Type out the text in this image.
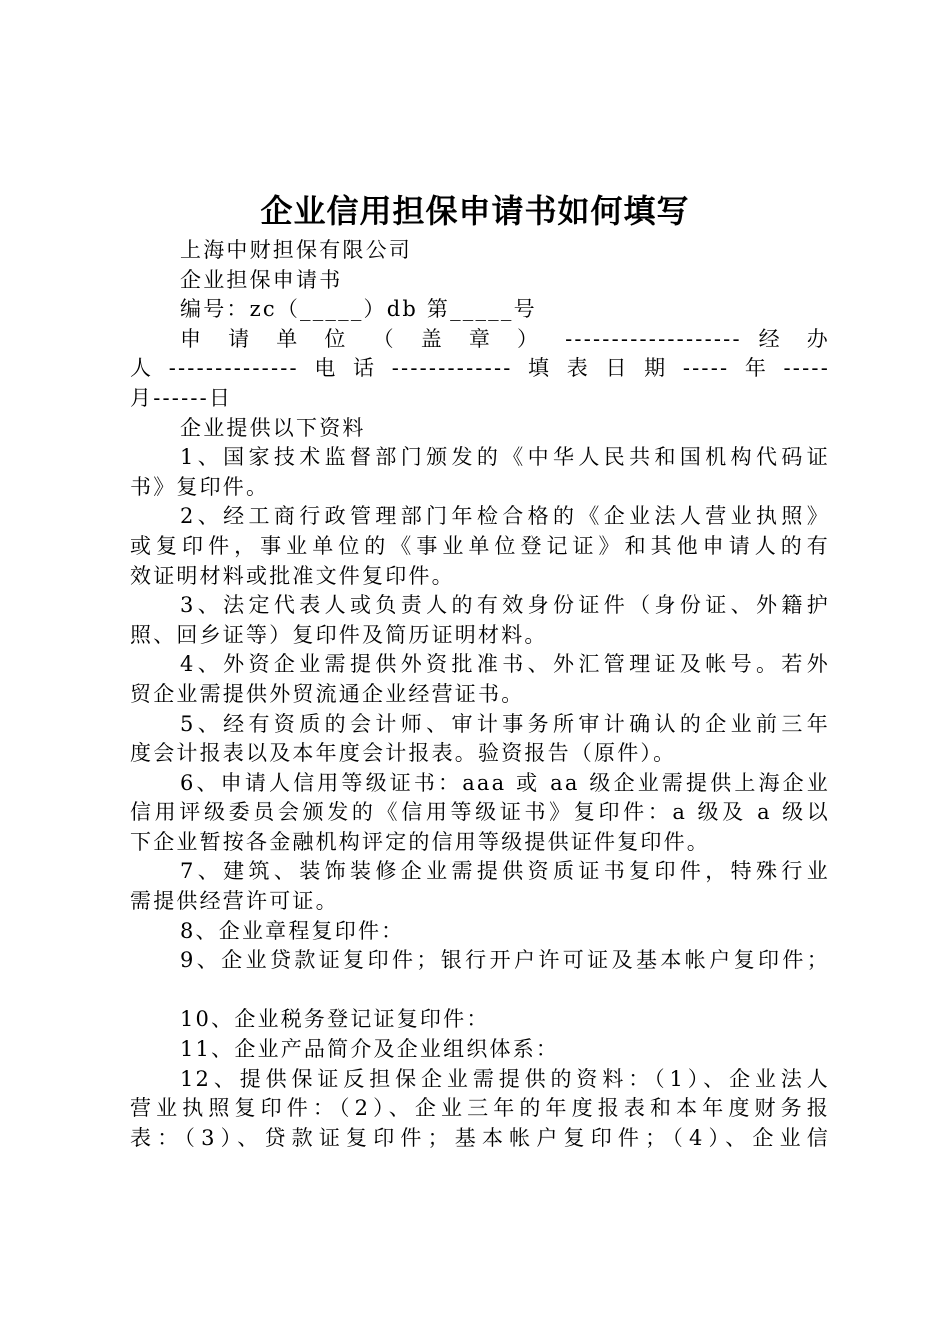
企业信用担保申请书如何填写
上海中财担保有限公司
企业担保申请书
编号：zc（_____）db 第_____号
申 请 单 位 （ 盖 章 ） ------------------- 经 办
人--------------电话-------------填表日期-----年-----
月------日
企业提供以下资料
1、国家技术监督部门颁发的《中华人民共和国机构代码证
书》复印件。
2、经工商行政管理部门年检合格的《企业法人营业执照》
或复印件，事业单位的《事业单位登记证》和其他申请人的有
效证明材料或批准文件复印件。
3、法定代表人或负责人的有效身份证件（身份证、外籍护
照、回乡证等）复印件及简历证明材料。
4、外资企业需提供外资批准书、外汇管理证及帐号。若外
贸企业需提供外贸流通企业经营证书。
5、经有资质的会计师、审计事务所审计确认的企业前三年
度会计报表以及本年度会计报表。验资报告（原件）。
6、申请人信用等级证书：aaa 或 aa 级企业需提供上海企业
信用评级委员会颁发的《信用等级证书》复印件：a 级及 a 级以
下企业暂按各金融机构评定的信用等级提供证件复印件。
7、建筑、装饰装修企业需提供资质证书复印件，特殊行业
需提供经营许可证。
8、企业章程复印件：
9、企业贷款证复印件；银行开户许可证及基本帐户复印件；
10、企业税务登记证复印件：
11、企业产品简介及企业组织体系：
12、提供保证反担保企业需提供的资料：（1）、企业法人
营业执照复印件：（2）、企业三年的年度报表和本年度财务报
表：（3）、贷款证复印件；基本帐户复印件；（4）、企业信
